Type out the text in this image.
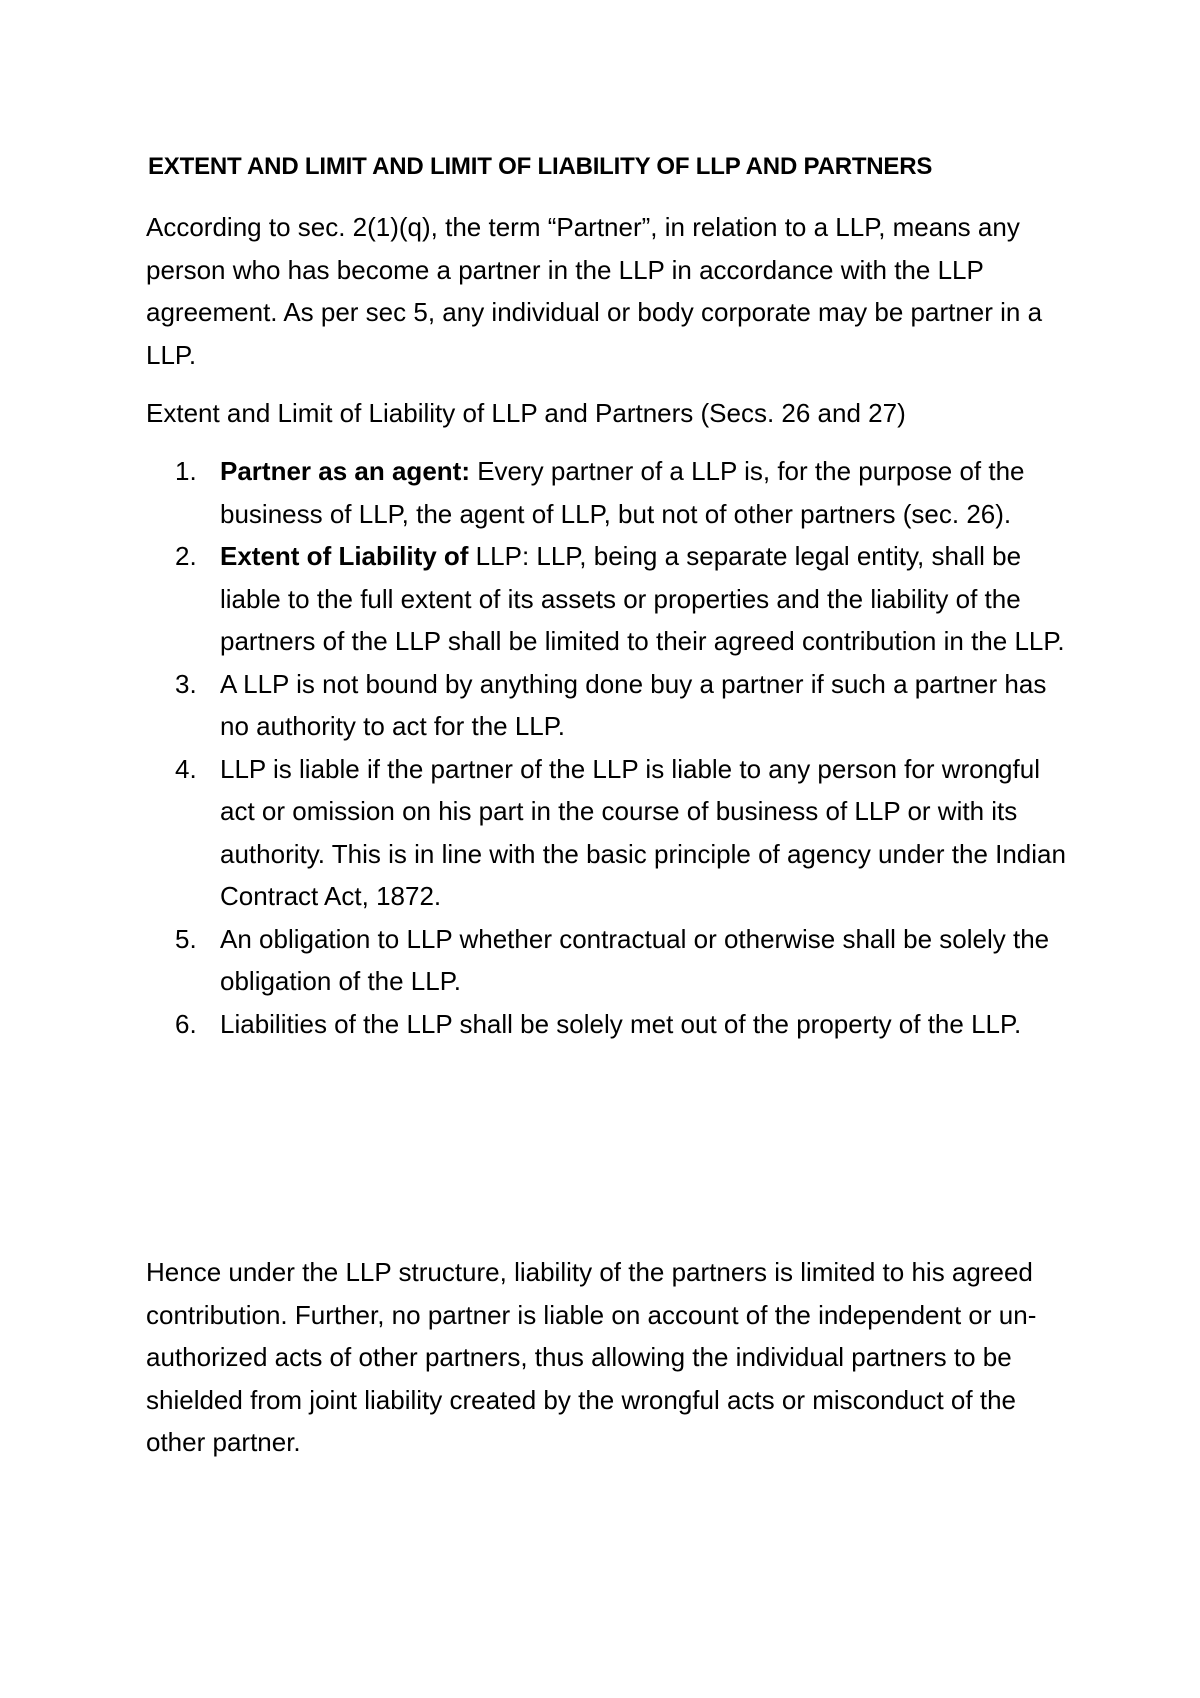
EXTENT AND LIMIT AND LIMIT OF LIABILITY OF LLP AND PARTNERS

According to sec. 2(1)(q), the term “Partner”, in relation to a LLP, means any person who has become a partner in the LLP in accordance with the LLP agreement. As per sec 5, any individual or body corporate may be partner in a LLP.

Extent and Limit of Liability of LLP and Partners (Secs. 26 and 27)

1. Partner as an agent: Every partner of a LLP is, for the purpose of the business of LLP, the agent of LLP, but not of other partners (sec. 26).
2. Extent of Liability of LLP: LLP, being a separate legal entity, shall be liable to the full extent of its assets or properties and the liability of the partners of the LLP shall be limited to their agreed contribution in the LLP.
3. A LLP is not bound by anything done buy a partner if such a partner has no authority to act for the LLP.
4. LLP is liable if the partner of the LLP is liable to any person for wrongful act or omission on his part in the course of business of LLP or with its authority. This is in line with the basic principle of agency under the Indian Contract Act, 1872.
5. An obligation to LLP whether contractual or otherwise shall be solely the obligation of the LLP.
6. Liabilities of the LLP shall be solely met out of the property of the LLP.

Hence under the LLP structure, liability of the partners is limited to his agreed contribution. Further, no partner is liable on account of the independent or un-authorized acts of other partners, thus allowing the individual partners to be shielded from joint liability created by the wrongful acts or misconduct of the other partner.
